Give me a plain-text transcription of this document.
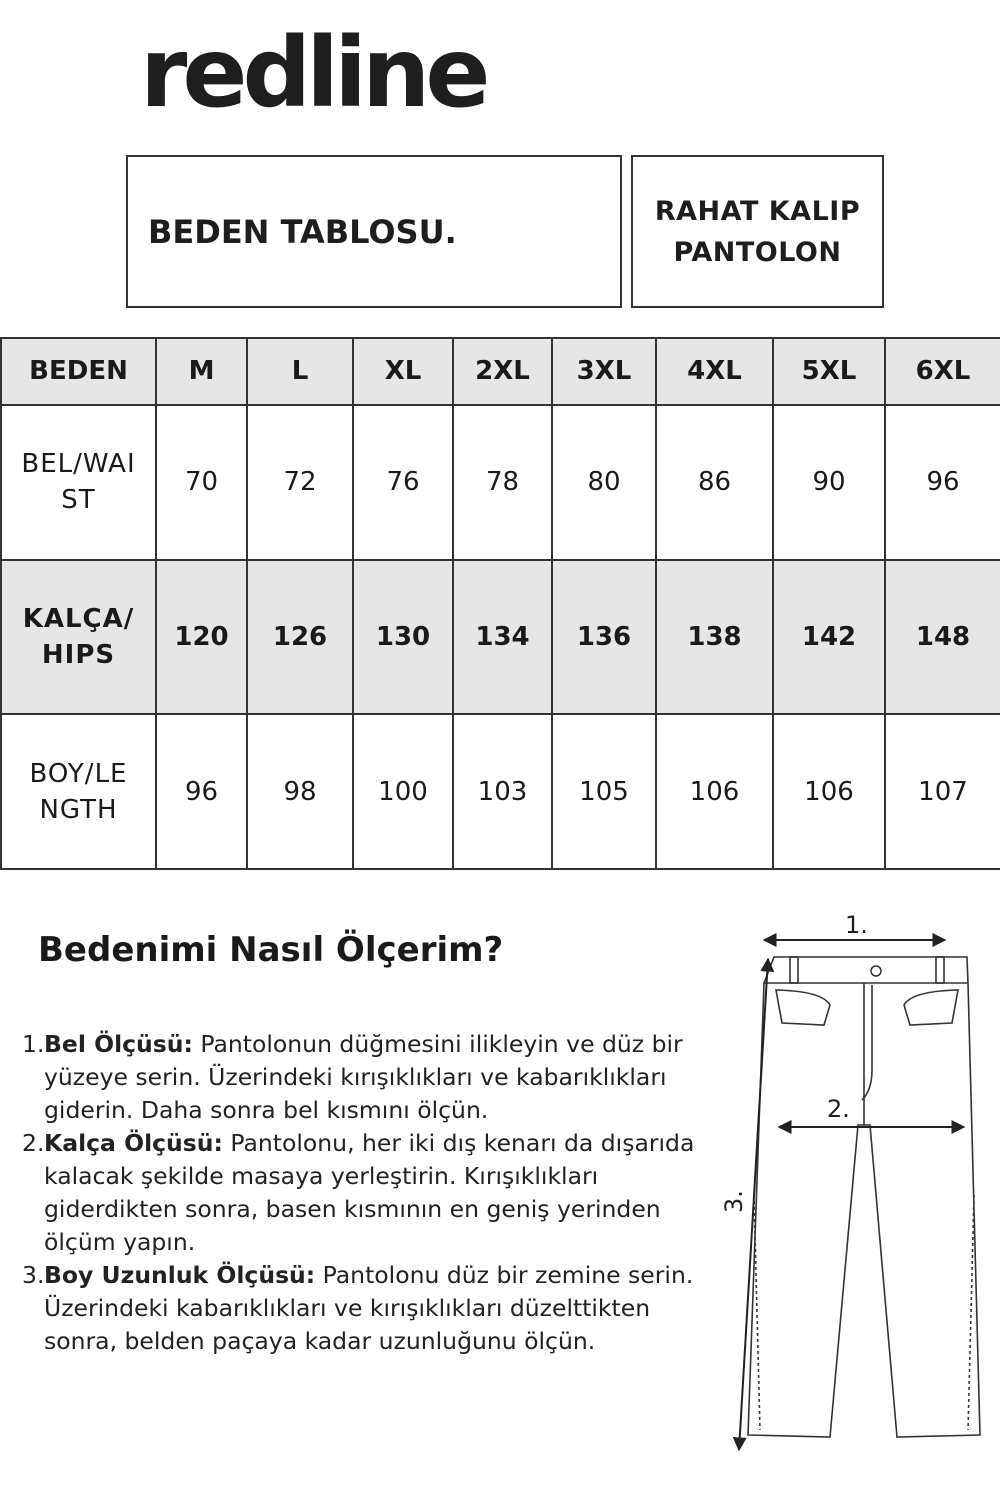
redline
BEDEN TABLOSU.
RAHAT KALIP
PANTOLON
BEDEN	M	L	XL	2XL	3XL	4XL	5XL	6XL

BEL/WAI
ST	70	72	76	78	80	86	90	96

KALÇA/
HIPS	120	126	130	134	136	138	142	148

BOY/LE
NGTH	96	98	100	103	105	106	106	107
Bedenimi Nasıl Ölçerim?
1. Bel Ölçüsü: Pantolonun düğmesini ilikleyin ve düz bir yüzeye serin. Üzerindeki kırışıklıkları ve kabarıklıkları giderin. Daha sonra bel kısmını ölçün.
2. Kalça Ölçüsü: Pantolonu, her iki dış kenarı da dışarıda kalacak şekilde masaya yerleştirin. Kırışıklıkları giderdikten sonra, basen kısmının en geniş yerinden ölçüm yapın.
3. Boy Uzunluk Ölçüsü: Pantolonu düz bir zemine serin. Üzerindeki kabarıklıkları ve kırışıklıkları düzelttikten sonra, belden paçaya kadar uzunluğunu ölçün.
1.
2.
3.
